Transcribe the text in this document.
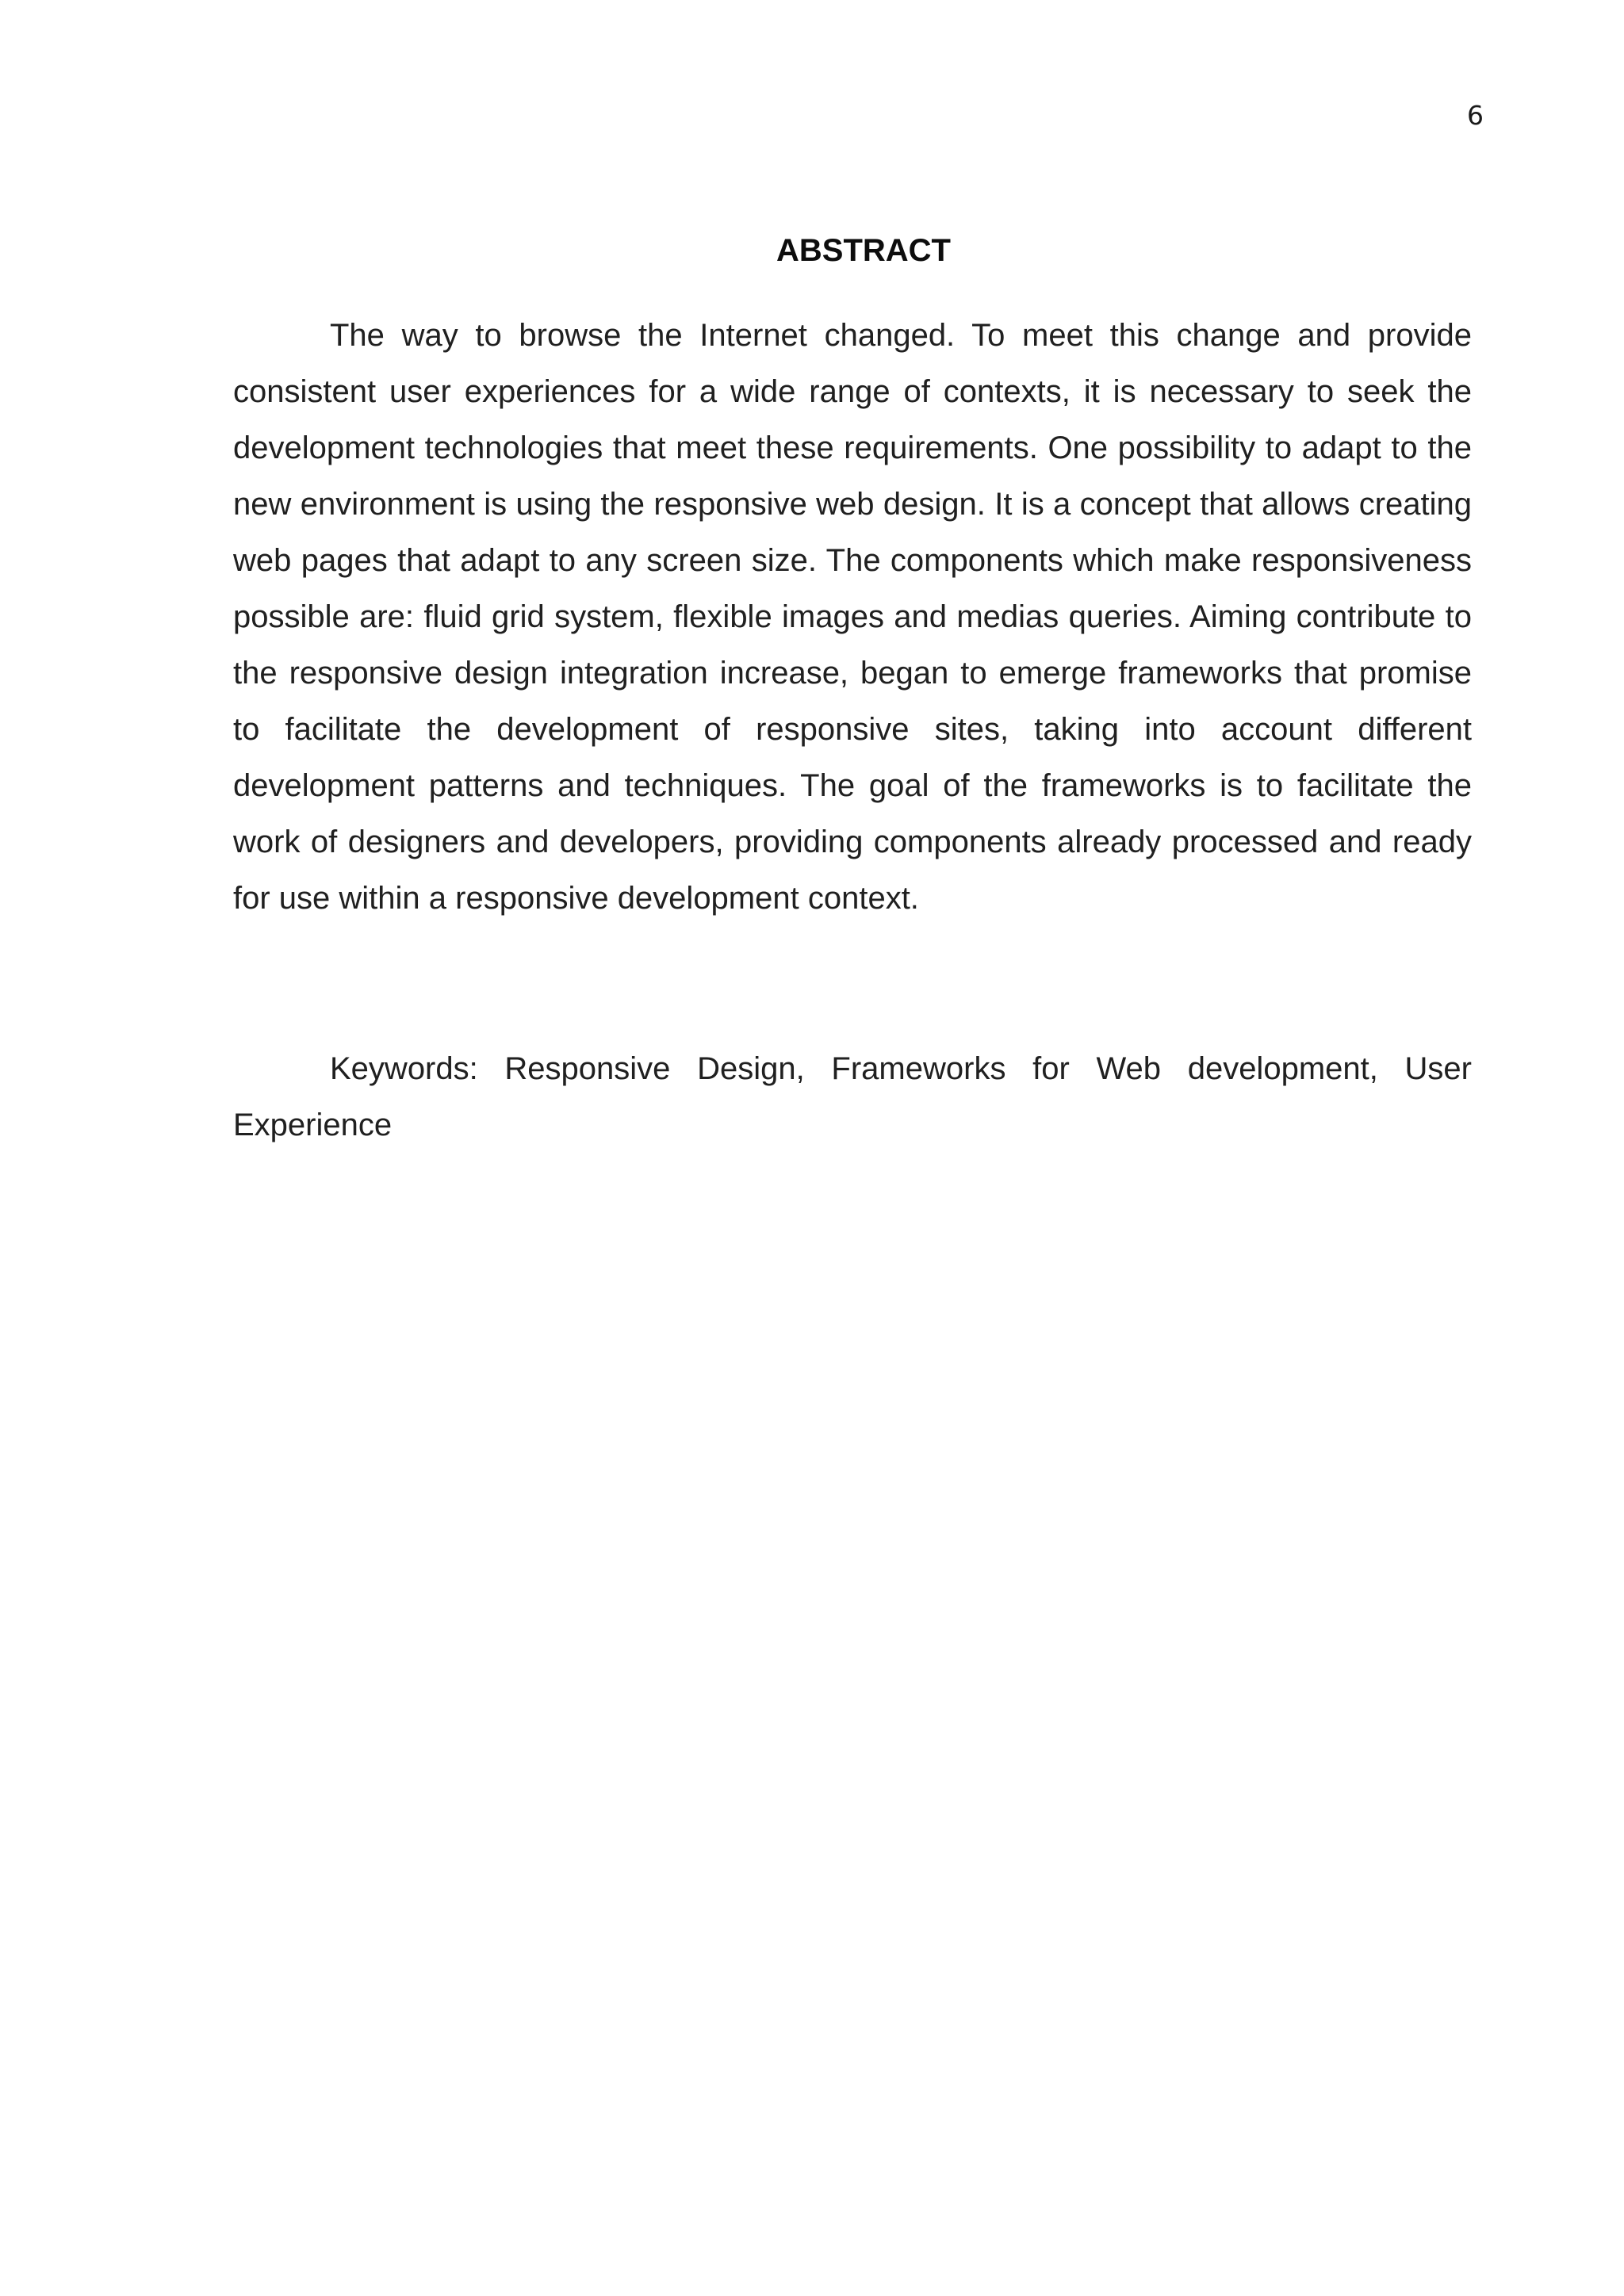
6
ABSTRACT

The way to browse the Internet changed. To meet this change and provide consistent user experiences for a wide range of contexts, it is necessary to seek the development technologies that meet these requirements. One possibility to adapt to the new environment is using the responsive web design. It is a concept that allows creating web pages that adapt to any screen size. The components which make responsiveness possible are: fluid grid system, flexible images and medias queries. Aiming contribute to the responsive design integration increase, began to emerge frameworks that promise to facilitate the development of responsive sites, taking into account different development patterns and techniques. The goal of the frameworks is to facilitate the work of designers and developers, providing components already processed and ready for use within a responsive development context.

Keywords: Responsive Design, Frameworks for Web development, User Experience
